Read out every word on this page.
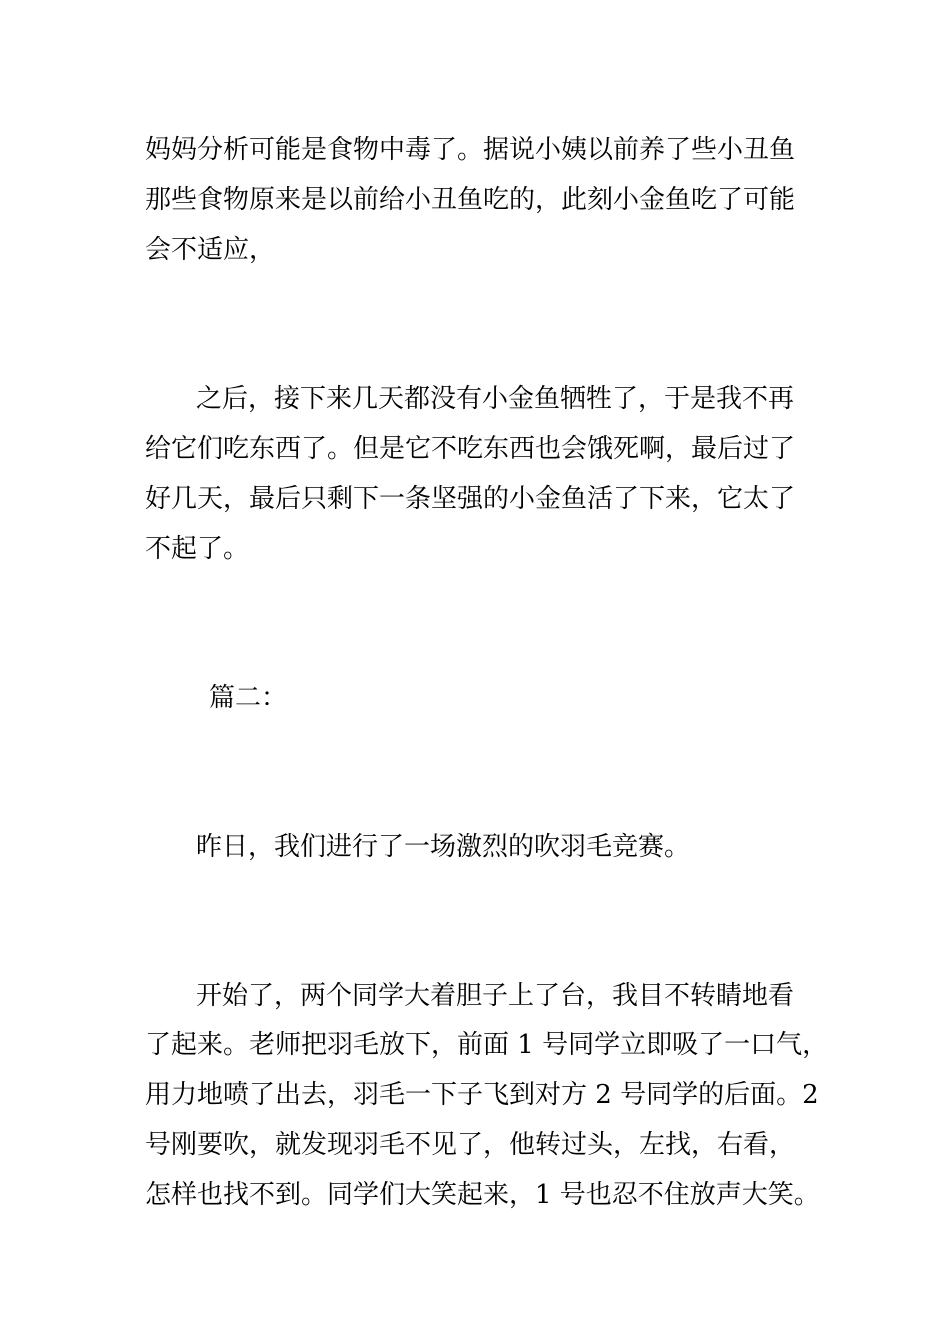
妈妈分析可能是食物中毒了。据说小姨以前养了些小丑鱼
那些食物原来是以前给小丑鱼吃的，此刻小金鱼吃了可能
会不适应，
之后，接下来几天都没有小金鱼牺牲了，于是我不再
给它们吃东西了。但是它不吃东西也会饿死啊，最后过了
好几天，最后只剩下一条坚强的小金鱼活了下来，它太了
不起了。
篇二：
昨日，我们进行了一场激烈的吹羽毛竞赛。
开始了，两个同学大着胆子上了台，我目不转睛地看
了起来。老师把羽毛放下，前面 1 号同学立即吸了一口气，
用力地喷了出去，羽毛一下子飞到对方 2 号同学的后面。2
号刚要吹，就发现羽毛不见了，他转过头，左找，右看，
怎样也找不到。同学们大笑起来，1 号也忍不住放声大笑。
